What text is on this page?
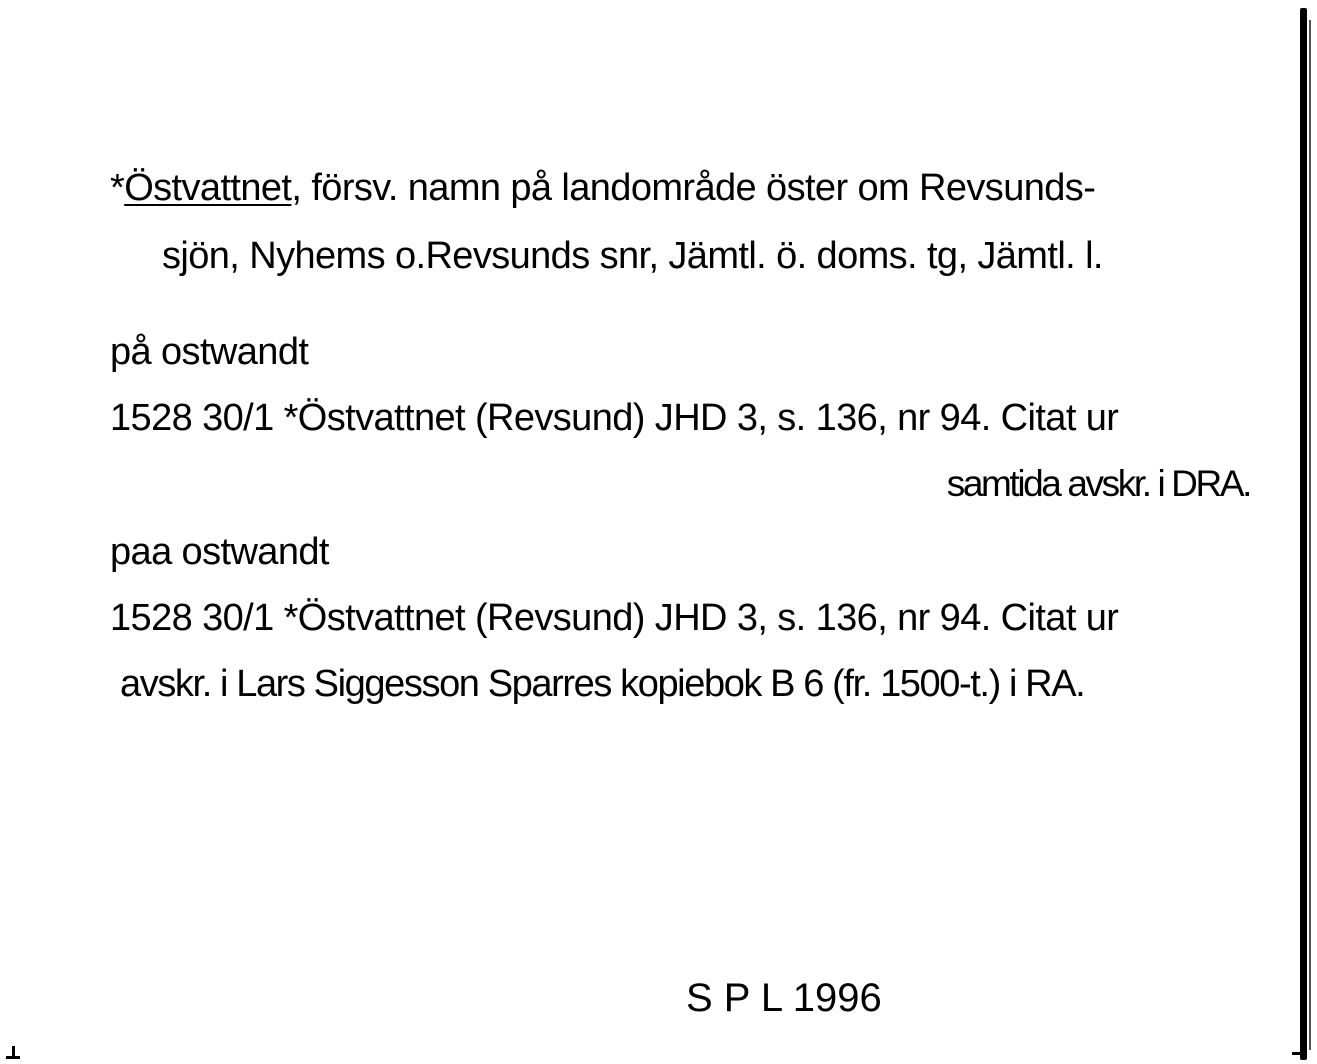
*Östvattnet, försv. namn på landområde öster om Revsunds-
sjön, Nyhems o.Revsunds snr, Jämtl. ö. doms. tg, Jämtl. l.
på ostwandt
1528 30/1 *Östvattnet (Revsund) JHD 3, s. 136, nr 94. Citat ur
samtida avskr. i DRA.
paa ostwandt
1528 30/1 *Östvattnet (Revsund) JHD 3, s. 136, nr 94. Citat ur
avskr. i Lars Siggesson Sparres kopiebok B 6 (fr. 1500-t.) i RA.
S P L 1996
